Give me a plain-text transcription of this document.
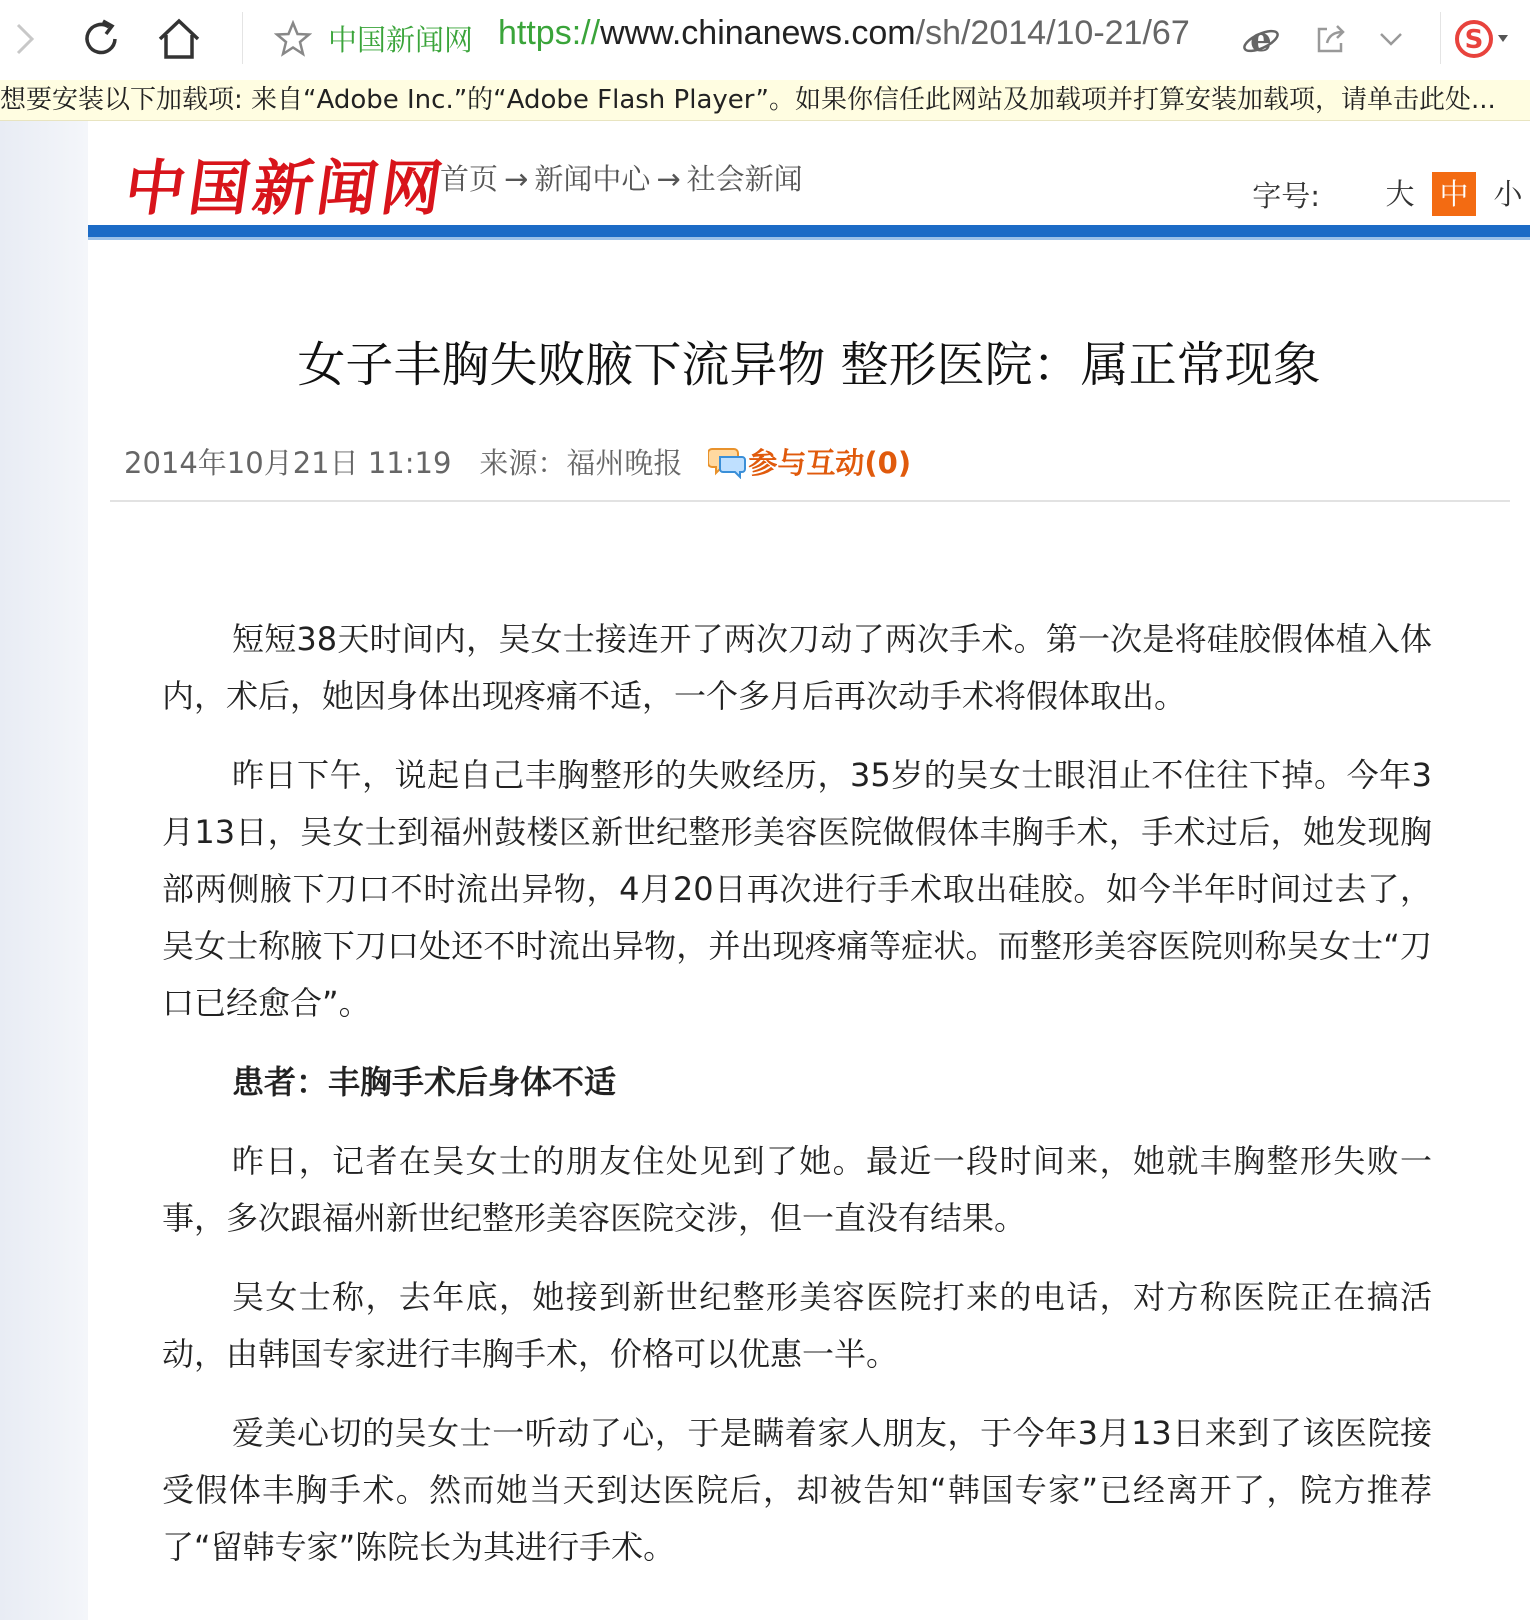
中国新闻网 https://www.chinanews.com/sh/2014/10-21/67 e	S
想要安装以下加载项: 来自“Adobe Inc.”的“Adobe Flash Player”。如果你信任此网站及加载项并打算安装加载项，请单击此处...
中国新闻网
首页 → 新闻中心 → 社会新闻	字号: 大 中 小
女子丰胸失败腋下流异物 整形医院：属正常现象
2014年10月21日 11:19 来源：福州晚报 参与互动(0)

短短38天时间内，吴女士接连开了两次刀动了两次手术。第一次是将硅胶假体植入体内，术后，她因身体出现疼痛不适，一个多月后再次动手术将假体取出。

昨日下午，说起自己丰胸整形的失败经历，35岁的吴女士眼泪止不住往下掉。今年3月13日，吴女士到福州鼓楼区新世纪整形美容医院做假体丰胸手术，手术过后，她发现胸部两侧腋下刀口不时流出异物，4月20日再次进行手术取出硅胶。如今半年时间过去了，吴女士称腋下刀口处还不时流出异物，并出现疼痛等症状。而整形美容医院则称吴女士“刀口已经愈合”。

患者：丰胸手术后身体不适

昨日，记者在吴女士的朋友住处见到了她。最近一段时间来，她就丰胸整形失败一事，多次跟福州新世纪整形美容医院交涉，但一直没有结果。

吴女士称，去年底，她接到新世纪整形美容医院打来的电话，对方称医院正在搞活动，由韩国专家进行丰胸手术，价格可以优惠一半。

爱美心切的吴女士一听动了心，于是瞒着家人朋友，于今年3月13日来到了该医院接受假体丰胸手术。然而她当天到达医院后，却被告知“韩国专家”已经离开了，院方推荐了“留韩专家”陈院长为其进行手术。
